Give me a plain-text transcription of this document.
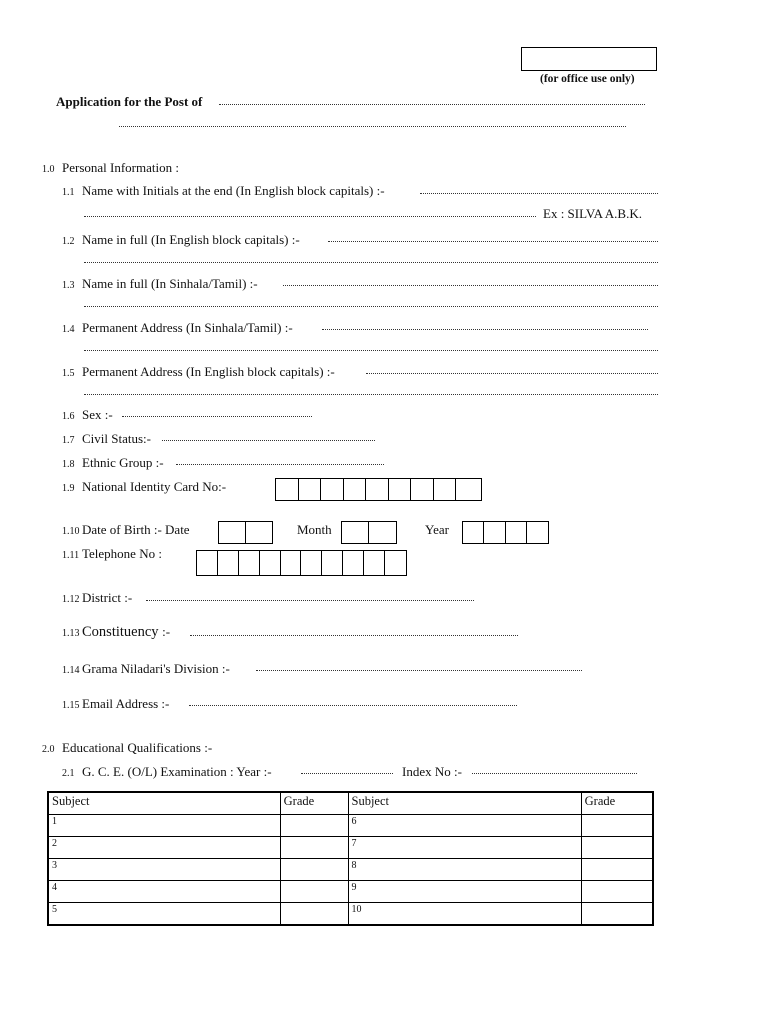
(for office use only)
Application for the Post of
1.0 Personal Information :
1.1 Name with Initials at the end (In English block capitals) :-
Ex : SILVA A.B.K.
1.2 Name in full (In English block capitals) :-
1.3 Name in full (In Sinhala/Tamil) :-
1.4 Permanent Address (In Sinhala/Tamil) :-
1.5 Permanent Address (In English block capitals) :-
1.6 Sex :-
1.7 Civil Status:-
1.8 Ethnic Group :-
1.9 National Identity Card No:-
1.10 Date of Birth :- Date	Month	Year
1.11 Telephone No :
1.12 District :-
1.13 Constituency :-
1.14 Grama Niladari's Division :-
1.15 Email Address :-
2.0 Educational Qualifications :-
2.1 G. C. E. (O/L) Examination : Year :-	Index No :-
Subject	Grade	Subject	Grade
1		6	
2		7	
3		8	
4		9	
5		10	
